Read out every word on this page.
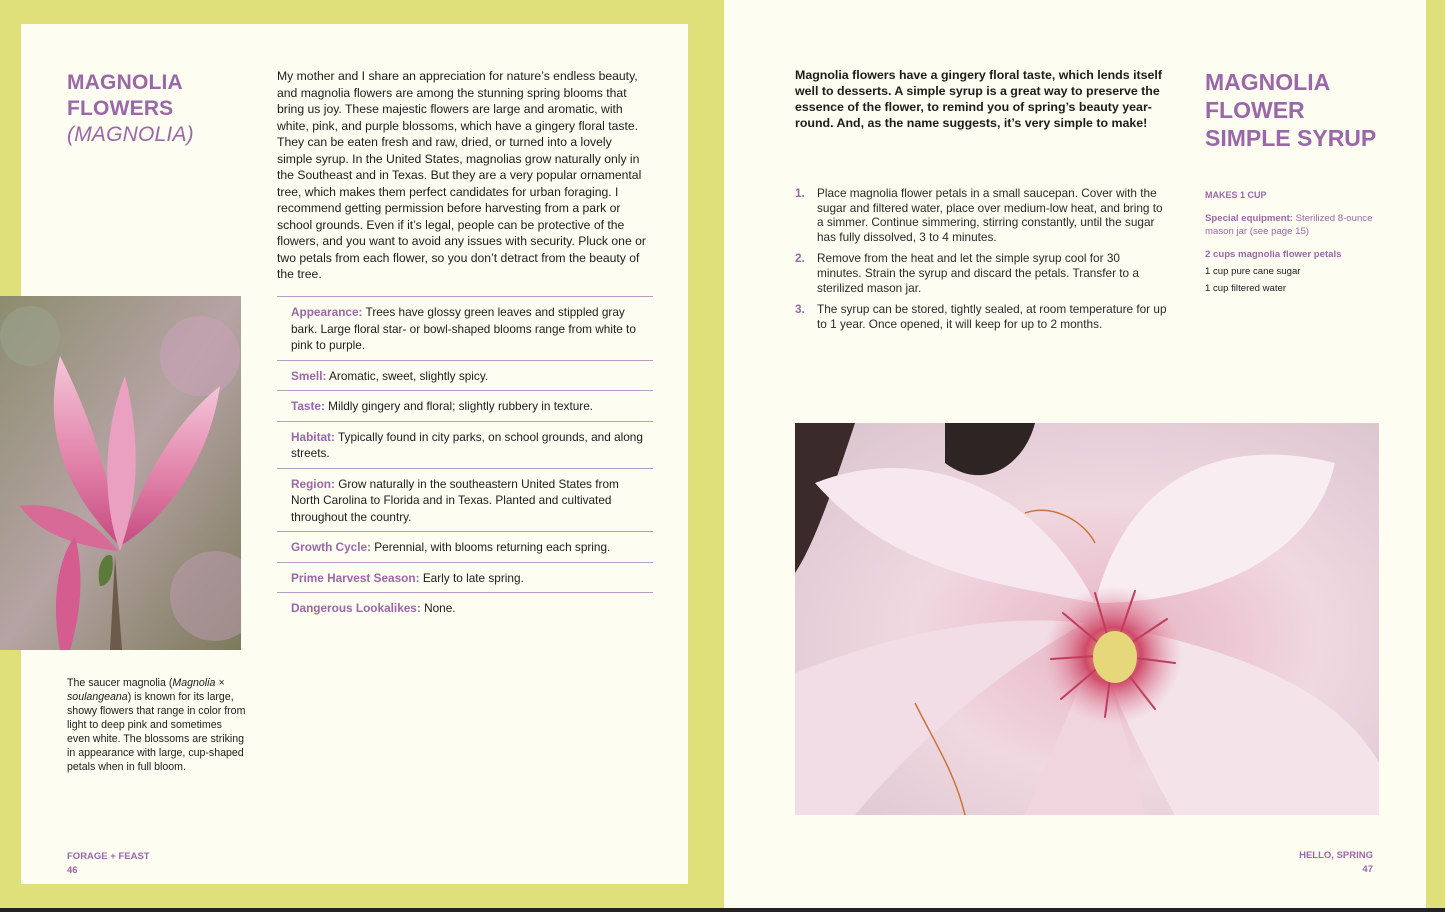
MAGNOLIA
FLOWERS
(MAGNOLIA)

My mother and I share an appreciation for nature’s endless beauty, and magnolia flowers are among the stunning spring blooms that bring us joy. These majestic flowers are large and aromatic, with white, pink, and purple blossoms, which have a gingery floral taste. They can be eaten fresh and raw, dried, or turned into a lovely simple syrup. In the United States, magnolias grow naturally only in the Southeast and in Texas. But they are a very popular ornamental tree, which makes them perfect candidates for urban foraging. I recommend getting permission before harvesting from a park or school grounds. Even if it’s legal, people can be protective of the flowers, and you want to avoid any issues with security. Pluck one or two petals from each flower, so you don’t detract from the beauty of the tree.

Appearance: Trees have glossy green leaves and stippled gray bark. Large floral star- or bowl-shaped blooms range from white to pink to purple.
Smell: Aromatic, sweet, slightly spicy.
Taste: Mildly gingery and floral; slightly rubbery in texture.
Habitat: Typically found in city parks, on school grounds, and along streets.
Region: Grow naturally in the southeastern United States from North Carolina to Florida and in Texas. Planted and cultivated throughout the country.
Growth Cycle: Perennial, with blooms returning each spring.
Prime Harvest Season: Early to late spring.
Dangerous Lookalikes: None.

The saucer magnolia (Magnolia × soulangeana) is known for its large, showy flowers that range in color from light to deep pink and sometimes even white. The blossoms are striking in appearance with large, cup-shaped petals when in full bloom.

FORAGE + FEAST
46

Magnolia flowers have a gingery floral taste, which lends itself well to desserts. A simple syrup is a great way to preserve the essence of the flower, to remind you of spring’s beauty year-round. And, as the name suggests, it’s very simple to make!

MAGNOLIA
FLOWER
SIMPLE SYRUP
1.	Place magnolia flower petals in a small saucepan. Cover with the sugar and filtered water, place over medium-low heat, and bring to a simmer. Continue simmering, stirring constantly, until the sugar has fully dissolved, 3 to 4 minutes.
2.	Remove from the heat and let the simple syrup cool for 30 minutes. Strain the syrup and discard the petals. Transfer to a sterilized mason jar.
3.	The syrup can be stored, tightly sealed, at room temperature for up to 1 year. Once opened, it will keep for up to 2 months.
MAKES 1 CUP
Special equipment: Sterilized 8-ounce mason jar (see page 15)
2 cups magnolia flower petals
1 cup pure cane sugar
1 cup filtered water
HELLO, SPRING
47
